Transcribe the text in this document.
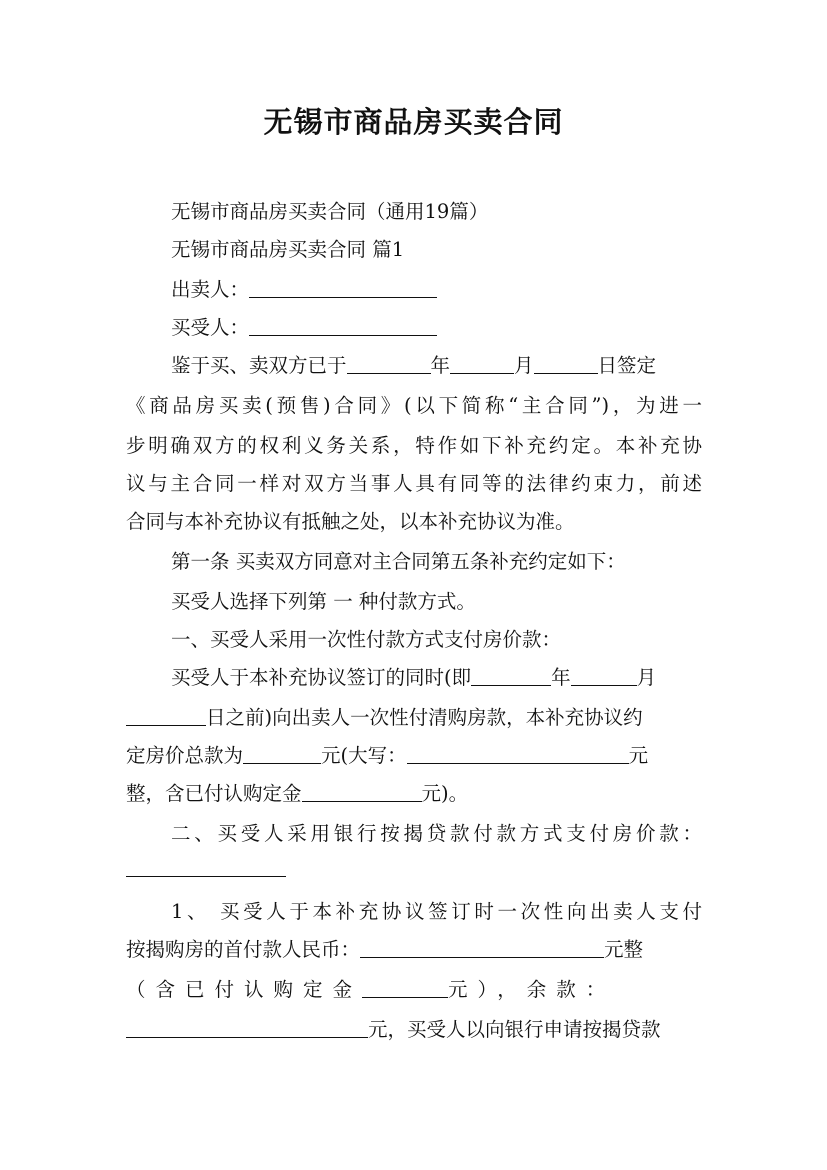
无锡市商品房买卖合同
无锡市商品房买卖合同（通用19篇）
无锡市商品房买卖合同 篇1
出卖人：
买受人：
鉴于买、卖双方已于	年	月	日签定
《商品房买卖(预售)合同》(以下简称“主合同”)，为进一
步明确双方的权利义务关系，特作如下补充约定。本补充协
议与主合同一样对双方当事人具有同等的法律约束力，前述
合同与本补充协议有抵触之处，以本补充协议为准。
第一条 买卖双方同意对主合同第五条补充约定如下：
买受人选择下列第 一 种付款方式。
一、买受人采用一次性付款方式支付房价款：
买受人于本补充协议签订的同时(即	年	月
日之前)向出卖人一次性付清购房款，本补充协议约
定房价总款为	元(大写：	元
整，含已付认购定金	元)。
二、买受人采用银行按揭贷款付款方式支付房价款：
1、 买受人于本补充协议签订时一次性向出卖人支付
按揭购房的首付款人民币：	元整
（含已付认购定金	元），余款：
元，买受人以向银行申请按揭贷款
